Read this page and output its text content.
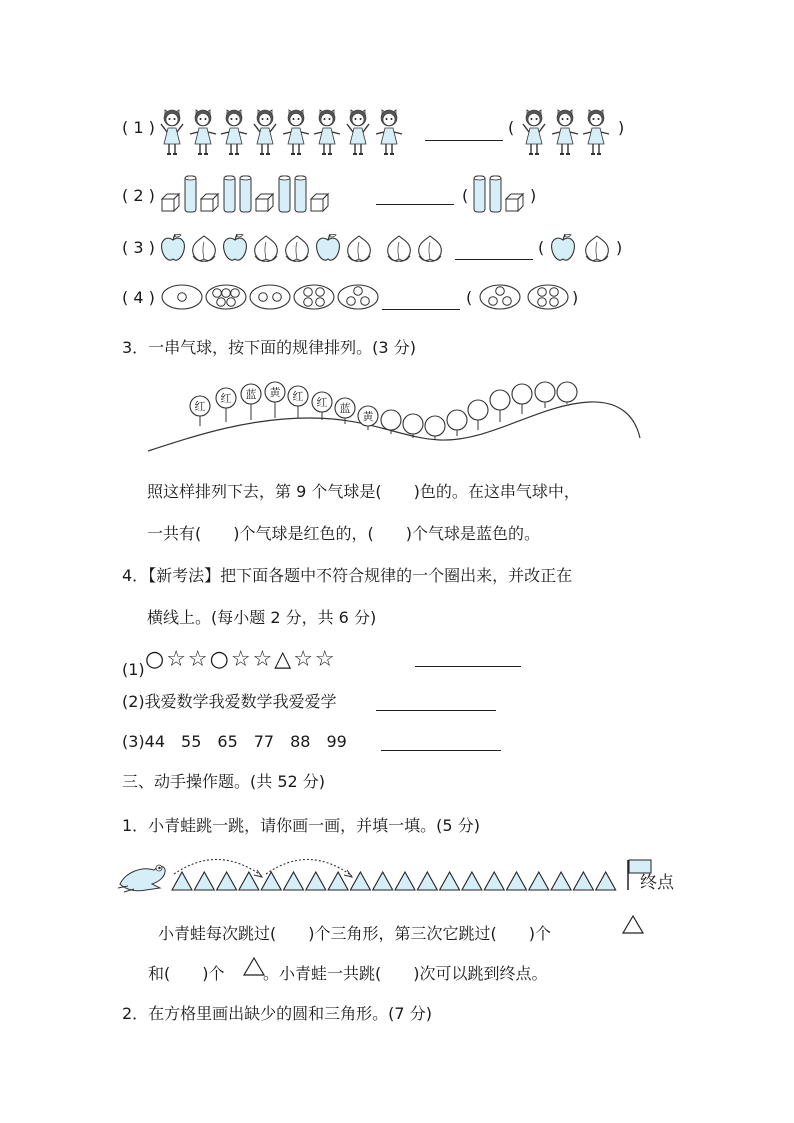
( 1 )	(	)
( 2 )	(	)
( 3 )	(	)
( 4 )	(	)
3．一串气球，按下面的规律排列。(3 分)
红
红 蓝 黄 红 红 蓝
黄
照这样排列下去，第 9 个气球是(　　)色的。在这串气球中，
一共有(　　)个气球是红色的，(　　)个气球是蓝色的。
4．【新考法】把下面各题中不符合规律的一个圈出来，并改正在
横线上。(每小题 2 分，共 6 分)
(1) ○☆☆○☆☆△☆☆
(2)我爱数学我爱数学我爱爱学
(3)44　55　65　77　88　99
三、动手操作题。(共 52 分)
1．小青蛙跳一跳，请你画一画，并填一填。(5 分)
终点
小青蛙每次跳过(　　)个三角形，第三次它跳过(　　)个
和(　　)个 。小青蛙一共跳(　　)次可以跳到终点。
2．在方格里画出缺少的圆和三角形。(7 分)
